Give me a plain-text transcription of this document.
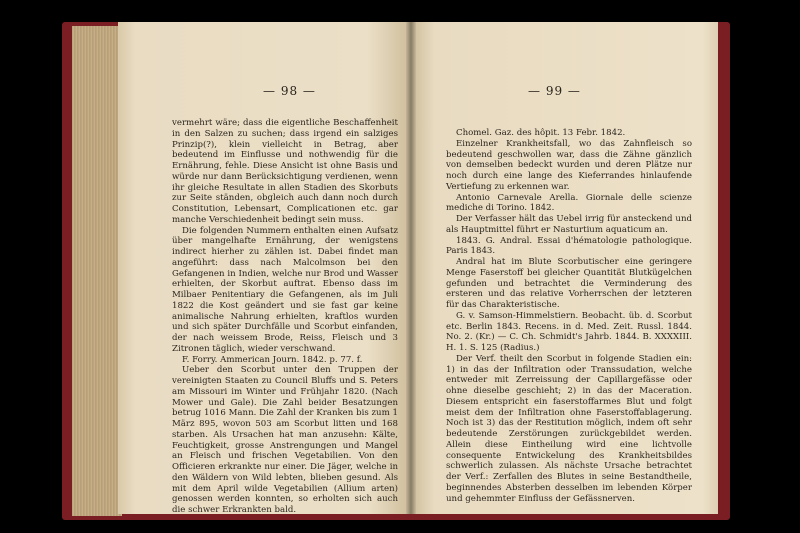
— 98 —

vermehrt wäre; dass die eigentliche Beschaffenheit in den Salzen zu suchen; dass irgend ein salziges Prinzip(?), klein vielleicht in Betrag, aber bedeutend im Einflusse und nothwendig für die Ernährung, fehle. Diese Ansicht ist ohne Basis und würde nur dann Berücksichtigung verdienen, wenn ihr gleiche Resultate in allen Stadien des Skorbuts zur Seite ständen, obgleich auch dann noch durch Constitution, Lebensart, Complicationen etc. gar manche Verschiedenheit bedingt sein muss.

Die folgenden Nummern enthalten einen Aufsatz über mangelhafte Ernährung, der wenigstens indirect hierher zu zählen ist. Dabei findet man angeführt: dass nach Malcolmson bei den Gefangenen in Indien, welche nur Brod und Wasser erhielten, der Skorbut auftrat. Ebenso dass im Milbaer Penitentiary die Gefangenen, als im Juli 1822 die Kost geändert und sie fast gar keine animalische Nahrung erhielten, kraftlos wurden und sich später Durchfälle und Scorbut einfanden, der nach weissem Brode, Reiss, Fleisch und 3 Zitronen täglich, wieder verschwand.

F. Forry. Ammerican Journ. 1842. p. 77. f.

Ueber den Scorbut unter den Truppen der vereinigten Staaten zu Council Bluffs und S. Peters am Missouri im Winter und Frühjahr 1820. (Nach Mower und Gale). Die Zahl beider Besatzungen betrug 1016 Mann. Die Zahl der Kranken bis zum 1 März 895, wovon 503 am Scorbut litten und 168 starben. Als Ursachen hat man anzusehn: Kälte, Feuchtigkeit, grosse Anstrengungen und Mangel an Fleisch und frischen Vegetabilien. Von den Officieren erkrankte nur einer. Die Jäger, welche in den Wäldern von Wild lebten, blieben gesund. Als mit dem April wilde Vegetabilien (Allium arten) genossen werden konnten, so erholten sich auch die schwer Erkrankten bald.

— 99 —

Chomel. Gaz. des hôpit. 13 Febr. 1842.

Einzelner Krankheitsfall, wo das Zahnfleisch so bedeutend geschwollen war, dass die Zähne gänzlich von demselben bedeckt wurden und deren Plätze nur noch durch eine lange des Kieferrandes hinlaufende Vertiefung zu erkennen war.

Antonio Carnevale Arella. Giornale delle scienze mediche di Torino. 1842.

Der Verfasser hält das Uebel irrig für ansteckend und als Hauptmittel führt er Nasturtium aquaticum an.

1843. G. Andral. Essai d'hématologie pathologique. Paris 1843.

Andral hat im Blute Scorbutischer eine geringere Menge Faserstoff bei gleicher Quantität Blutkügelchen gefunden und betrachtet die Verminderung des ersteren und das relative Vorherrschen der letzteren für das Charakteristische.

G. v. Samson-Himmelstiern. Beobacht. üb. d. Scorbut etc. Berlin 1843. Recens. in d. Med. Zeit. Russl. 1844. No. 2. (Kr.) — C. Ch. Schmidt's Jahrb. 1844. B. XXXXIII. H. 1. S. 125 (Radius.)

Der Verf. theilt den Scorbut in folgende Stadien ein: 1) in das der Infiltration oder Transsudation, welche entweder mit Zerreissung der Capillargefässe oder ohne dieselbe geschieht; 2) in das der Maceration. Diesem entspricht ein faserstoffarmes Blut und folgt meist dem der Infiltration ohne Faserstoffablagerung. Noch ist 3) das der Restitution möglich, indem oft sehr bedeutende Zerstörungen zurückgebildet werden. Allein diese Eintheilung wird eine lichtvolle consequente Entwickelung des Krankheitsbildes schwerlich zulassen. Als nächste Ursache betrachtet der Verf.: Zerfallen des Blutes in seine Bestandtheile, beginnendes Absterben desselben im lebenden Körper und gehemmter Einfluss der Gefässnerven.
